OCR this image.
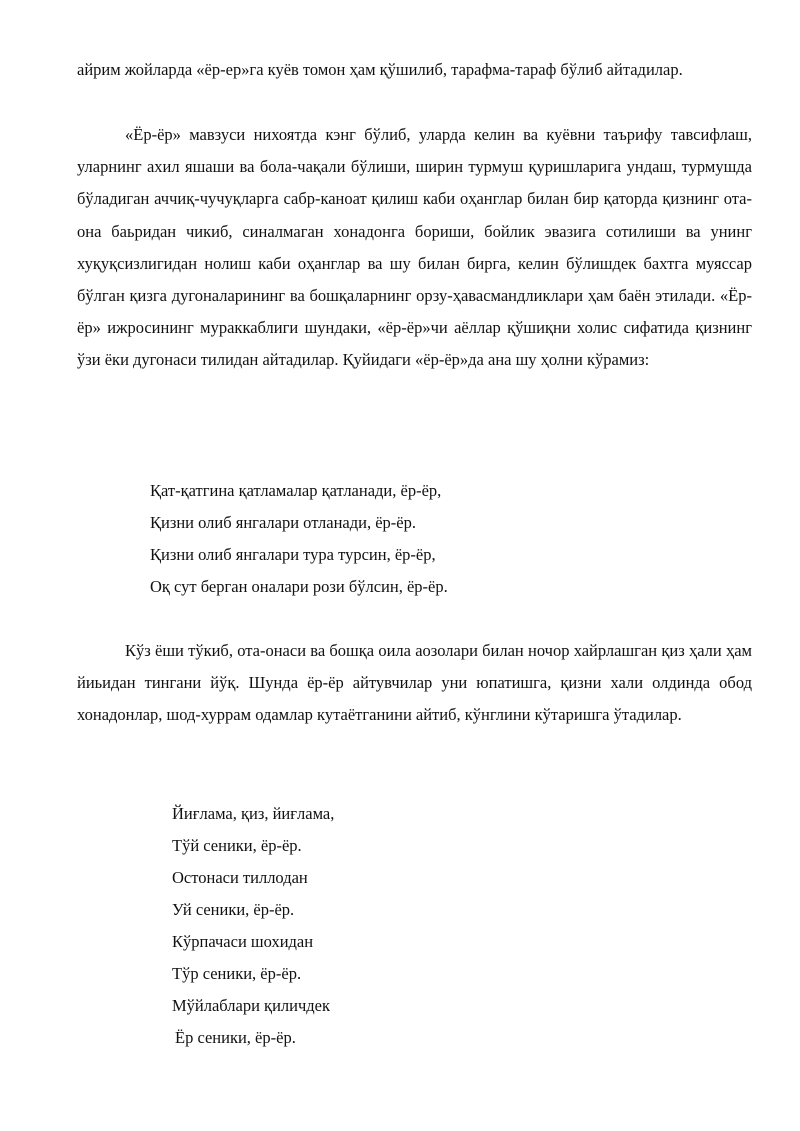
айрим жойларда «ёр-ер»га куёв томон ҳам қўшилиб, тарафма-тараф бўлиб айтадилар.

«Ёр-ёр» мавзуси нихоятда кэнг бўлиб, уларда келин ва куёвни таърифу тавсифлаш, уларнинг ахил яшаши ва бола-чақали бўлиши, ширин турмуш қуришларига ундаш, турмушда бўладиган аччиқ-чучуқларга сабр-каноат қилиш каби оҳанглар билан бир қаторда қизнинг ота- она баьридан чикиб, синалмаган хонадонга бориши, бойлик эвазига сотилиши ва унинг хуқуқсизлигидан нолиш каби оҳанглар ва шу билан бирга, келин бўлишдек бахтга муяссар бўлган қизга дугоналарининг ва бошқаларнинг орзу-ҳавасмандликлари ҳам баён этилади. «Ёр-ёр» ижросининг мураккаблиги шундаки, «ёр-ёр»чи аёллар қўшиқни холис сифатида қизнинг ўзи ёки дугонаси тилидан айтадилар. Қуйидаги «ёр-ёр»да ана шу ҳолни кўрамиз:

Қат-қатгина қатламалар қатланади, ёр-ёр,
Қизни олиб янгалари отланади, ёр-ёр.
Қизни олиб янгалари тура турсин, ёр-ёр,
Оқ сут берган оналари рози бўлсин, ёр-ёр.

Кўз ёши тўкиб, ота-онаси ва бошқа оила аозолари билан ночор хайрлашган қиз ҳали ҳам йиьидан тингани йўқ. Шунда ёр-ёр айтувчилар уни юпатишга, қизни хали олдинда обод хонадонлар, шод-хуррам одамлар кутаётганини айтиб, кўнглини кўтаришга ўтадилар.

Йиғлама, қиз, йиғлама,
Тўй сеники, ёр-ёр.
Остонаси тиллодан
Уй сеники, ёр-ёр.
Кўрпачаси шохидан
Тўр сеники, ёр-ёр.
Мўйлаблари қиличдек
Ёр сеники, ёр-ёр.
